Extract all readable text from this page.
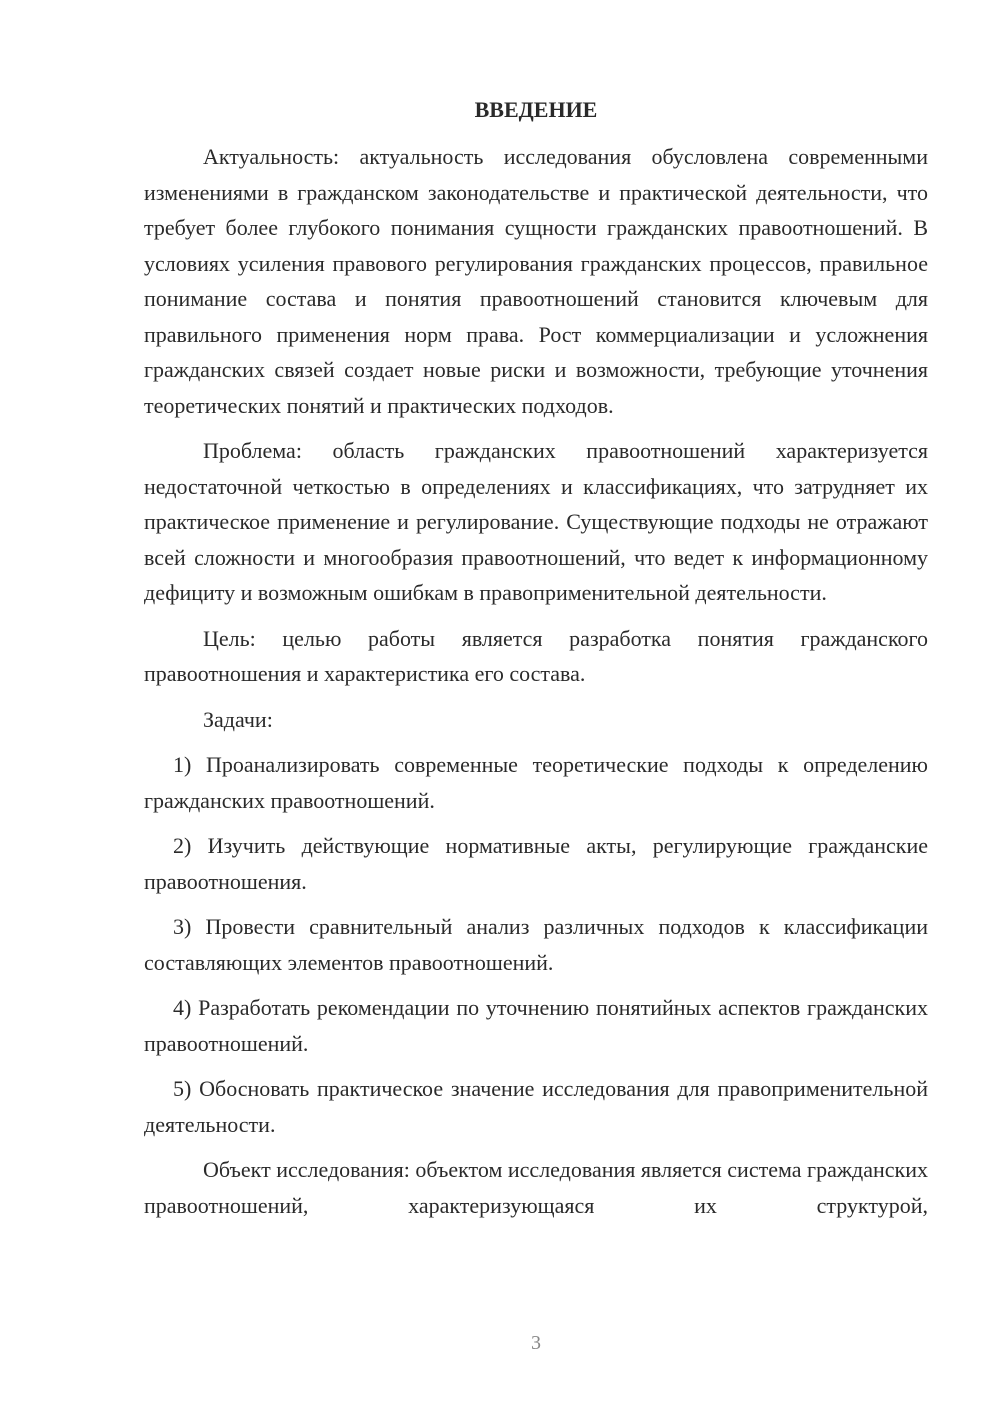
ВВЕДЕНИЕ

Актуальность: актуальность исследования обусловлена современными изменениями в гражданском законодательстве и практической деятельности, что требует более глубокого понимания сущности гражданских правоотношений. В условиях усиления правового регулирования гражданских процессов, правильное понимание состава и понятия правоотношений становится ключевым для правильного применения норм права. Рост коммерциализации и усложнения гражданских связей создает новые риски и возможности, требующие уточнения теоретических понятий и практических подходов.

Проблема: область гражданских правоотношений характеризуется недостаточной четкостью в определениях и классификациях, что затрудняет их практическое применение и регулирование. Существующие подходы не отражают всей сложности и многообразия правоотношений, что ведет к информационному дефициту и возможным ошибкам в правоприменительной деятельности.

Цель: целью работы является разработка понятия гражданского правоотношения и характеристика его состава.

Задачи:

1) Проанализировать современные теоретические подходы к определению гражданских правоотношений.

2) Изучить действующие нормативные акты, регулирующие гражданские правоотношения.

3) Провести сравнительный анализ различных подходов к классификации составляющих элементов правоотношений.

4) Разработать рекомендации по уточнению понятийных аспектов гражданских правоотношений.

5) Обосновать практическое значение исследования для правоприменительной деятельности.

Объект исследования: объектом исследования является система гражданских правоотношений, характеризующаяся их структурой,

3
